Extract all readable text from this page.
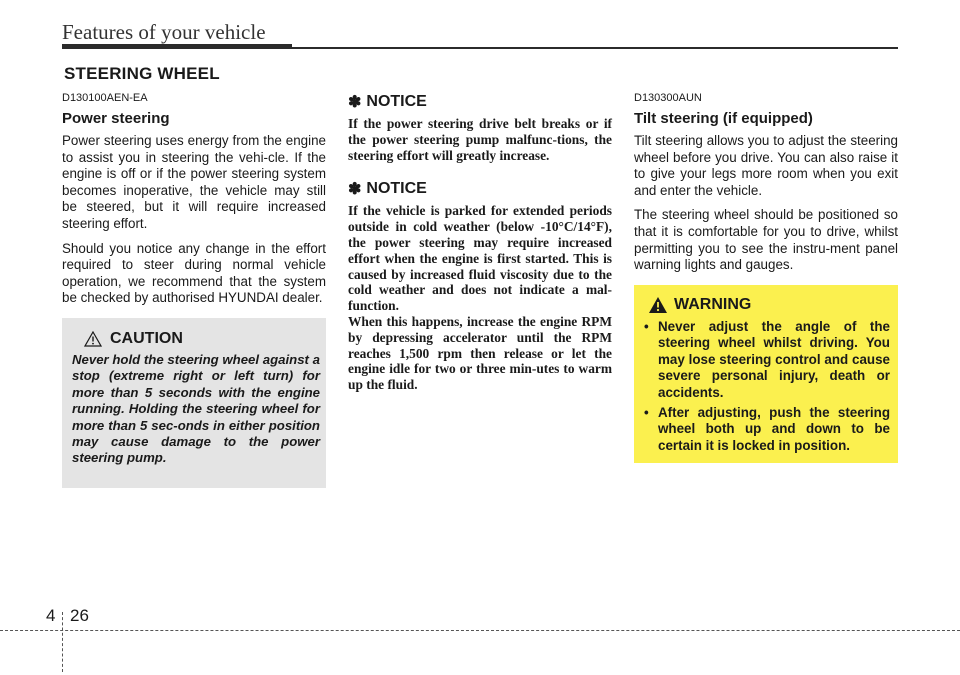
Features of your vehicle
STEERING WHEEL
D130100AEN-EA
Power steering

Power steering uses energy from the engine to assist you in steering the vehi-cle. If the engine is off or if the power steering system becomes inoperative, the vehicle may still be steered, but it will require increased steering effort.

Should you notice any change in the effort required to steer during normal vehicle operation, we recommend that the system be checked by authorised HYUNDAI dealer.

CAUTION
Never hold the steering wheel against a stop (extreme right or left turn) for more than 5 seconds with the engine running. Holding the steering wheel for more than 5 sec-onds in either position may cause damage to the power steering pump.
✽ NOTICE

If the power steering drive belt breaks or if the power steering pump malfunc-tions, the steering effort will greatly increase.

✽ NOTICE

If the vehicle is parked for extended periods outside in cold weather (below -10°C/14°F), the power steering may require increased effort when the engine is first started. This is caused by increased fluid viscosity due to the cold weather and does not indicate a mal-function.

When this happens, increase the engine RPM by depressing accelerator until the RPM reaches 1,500 rpm then release or let the engine idle for two or three min-utes to warm up the fluid.

D130300AUN
Tilt steering (if equipped)

Tilt steering allows you to adjust the steering wheel before you drive. You can also raise it to give your legs more room when you exit and enter the vehicle.

The steering wheel should be positioned so that it is comfortable for you to drive, whilst permitting you to see the instru-ment panel warning lights and gauges.

WARNING
• Never adjust the angle of the steering wheel whilst driving. You may lose steering control and cause severe personal injury, death or accidents.
• After adjusting, push the steering wheel both up and down to be certain it is locked in position.
4 26
